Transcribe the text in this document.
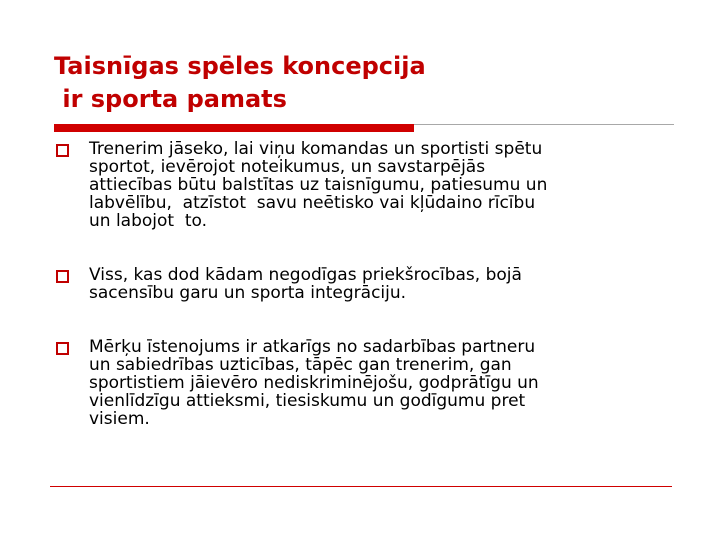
Taisnīgas spēles koncepcija
ir sporta pamats
Trenerim jāseko, lai viņu komandas un sportisti spētu
sportot, ievērojot noteikumus, un savstarpējās
attiecības būtu balstītas uz taisnīgumu, patiesumu un
labvēlību,  atzīstot  savu neētisko vai kļūdaino rīcību
un labojot  to.
Viss, kas dod kādam negodīgas priekšrocības, bojā
sacensību garu un sporta integrāciju.
Mērķu īstenojums ir atkarīgs no sadarbības partneru
un sabiedrības uzticības, tāpēc gan trenerim, gan
sportistiem jāievēro nediskriminējošu, godprātīgu un
vienlīdzīgu attieksmi, tiesiskumu un godīgumu pret
visiem.
